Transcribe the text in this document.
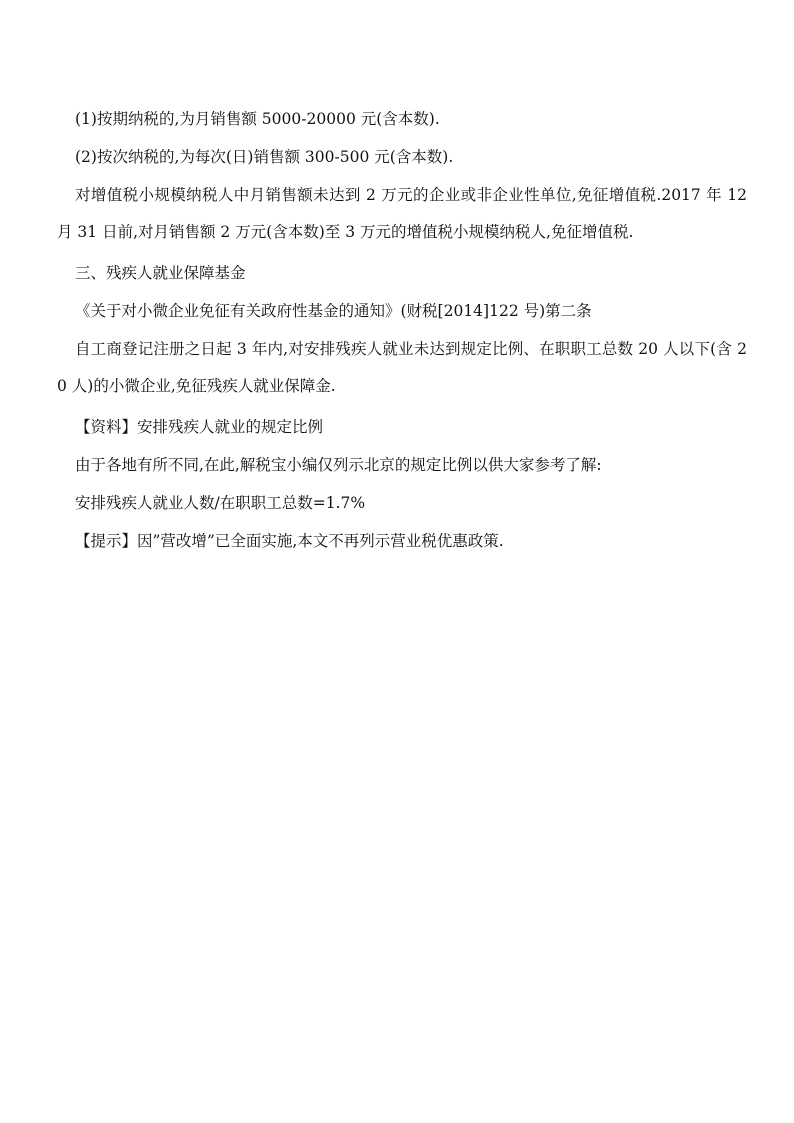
(1)按期纳税的,为月销售额 5000-20000 元(含本数).

(2)按次纳税的,为每次(日)销售额 300-500 元(含本数).

对增值税小规模纳税人中月销售额未达到 2 万元的企业或非企业性单位,免征增值税.2017 年 12 月 31 日前,对月销售额 2 万元(含本数)至 3 万元的增值税小规模纳税人,免征增值税.

三、残疾人就业保障基金

《关于对小微企业免征有关政府性基金的通知》(财税[2014]122 号)第二条

自工商登记注册之日起 3 年内,对安排残疾人就业未达到规定比例、在职职工总数 20 人以下(含 20 人)的小微企业,免征残疾人就业保障金.

【资料】安排残疾人就业的规定比例

由于各地有所不同,在此,解税宝小编仅列示北京的规定比例以供大家参考了解:

安排残疾人就业人数/在职职工总数=1.7%

【提示】因”营改增”已全面实施,本文不再列示营业税优惠政策.
